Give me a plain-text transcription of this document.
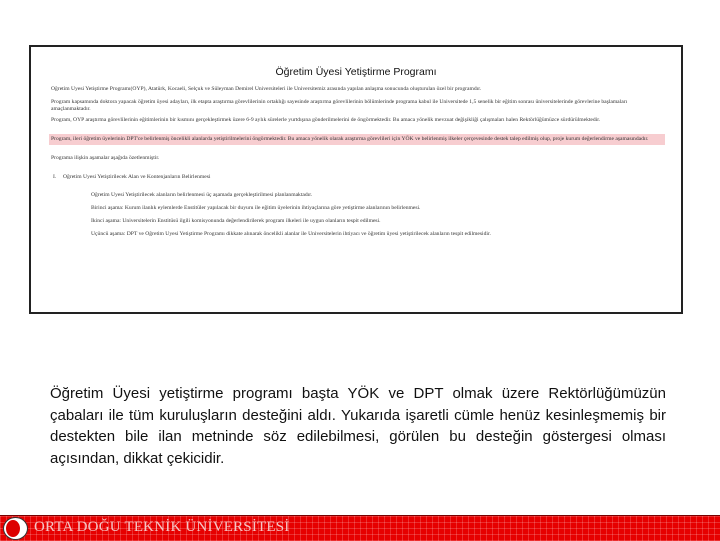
Öğretim Üyesi Yetiştirme Programı
Öğretim Üyesi Yetiştirme Programı(ÖYP), Atatürk, Kocaeli, Selçuk ve Süleyman Demirel Üniversiteleri ile Üniversitemiz arasında yapılan anlaşma sonucunda oluşturulan özel bir programdır.
Program kapsamında doktora yapacak öğretim üyesi adayları, ilk etapta araştırma görevlilerinin ortaklığı sayesinde araştırma görevlilerinin bölümlerinde programa kabul ile Üniversitede 1,5 senelik bir eğitim sonrası üniversitelerinde görevlerine başlamaları amaçlanmaktadır.
Program, ÖYP araştırma görevlilerinin eğitimlerinin bir kısmını gerçekleştirmek üzere 6-9 aylık sürelerle yurtdışına gönderilmelerini de öngörmektedir. Bu amaca yönelik mevzuat değişikliği çalışmaları halen Rektörlüğümüzce sürdürülmektedir.
Program, ileri öğretim üyelerinin DPT'ce belirlenmiş öncelikli alanlarda yetiştirilmelerini öngörmektedir. Bu amaca yönelik olarak araştırma görevlileri için YÖK ve belirlenmiş ilkeler çerçevesinde destek talep edilmiş olup, proje kurum değerlendirme aşamasındadır.
Programa ilişkin aşamalar aşağıda özetlenmiştir.
I.	Öğretim Üyesi Yetiştirilecek Alan ve Kontenjanların Belirlenmesi
Öğretim Üyesi Yetiştirilecek alanların belirlenmesi üç aşamada gerçekleştirilmesi planlanmaktadır.
Birinci aşama: Kurum ilanlık eylemlerde Enstitüler yapılacak bir duyuru ile eğitim üyelerinin ihtiyaçlarına göre yetiştirme alanlarının belirlenmesi.
İkinci aşama: Üniversitelerin Enstitüsü ilgili komisyonunda değerlendirilerek program ilkeleri ile uygun olanların tespit edilmesi.
Üçüncü aşama: DPT ve Öğretim Üyesi Yetiştirme Programı dikkate alınarak öncelikli alanlar ile Üniversitelerin ihtiyacı ve öğretim üyesi yetiştirilecek alanların tespit edilmesidir.
Öğretim Üyesi yetiştirme programı başta YÖK ve DPT olmak üzere Rektörlüğümüzün çabaları ile tüm kuruluşların desteğini aldı. Yukarıda işaretli cümle henüz kesinleşmemiş bir destekten bile ilan metninde söz edilebilmesi, görülen bu desteğin göstergesi olması açısından, dikkat çekicidir.
ORTA DOĞU TEKNİK ÜNİVERSİTESİ
